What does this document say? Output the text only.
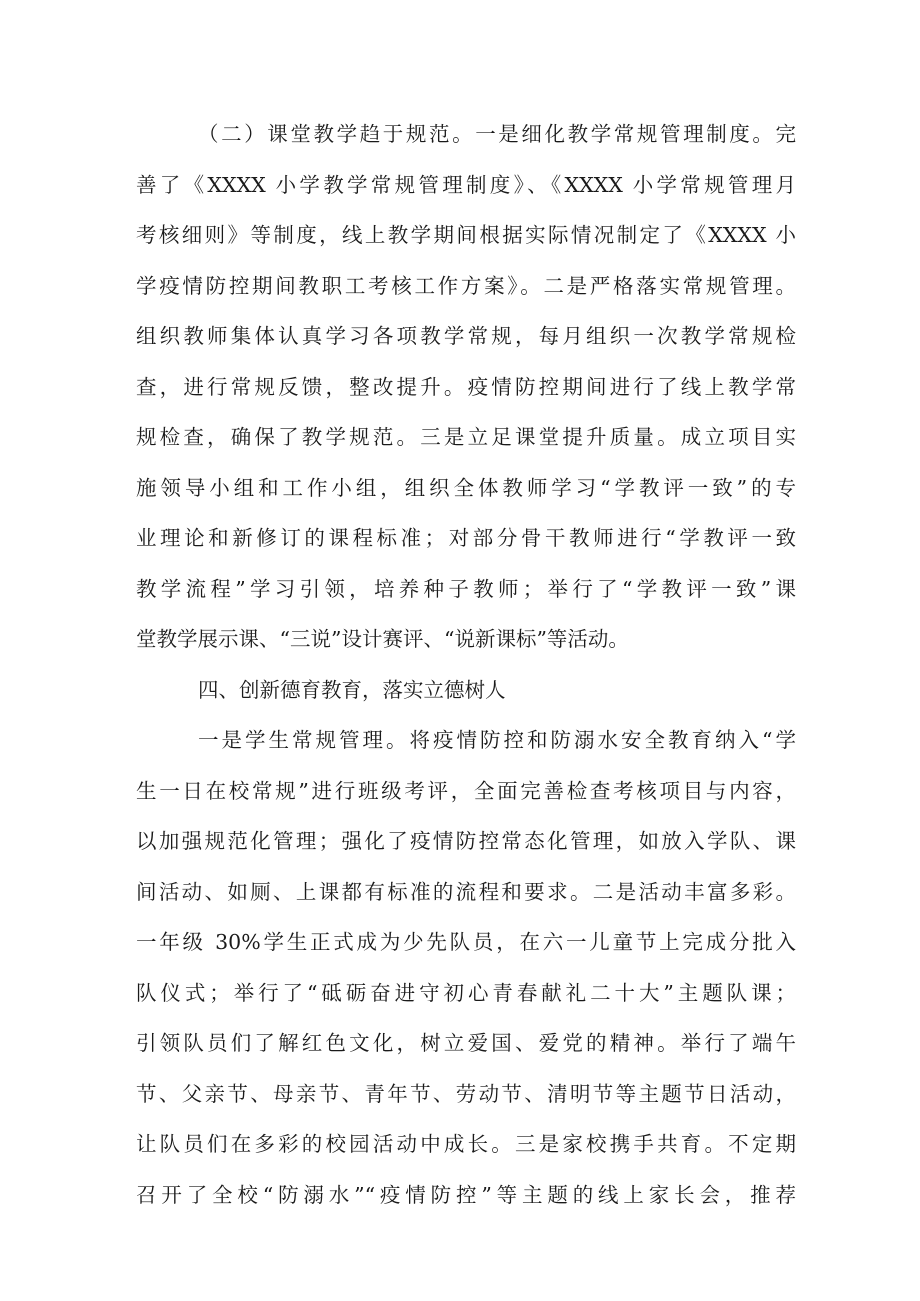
（二）课堂教学趋于规范。一是细化教学常规管理制度。完
善了《XXXX 小学教学常规管理制度》、《XXXX 小学常规管理月
考核细则》等制度，线上教学期间根据实际情况制定了《XXXX 小
学疫情防控期间教职工考核工作方案》。二是严格落实常规管理。
组织教师集体认真学习各项教学常规，每月组织一次教学常规检
查，进行常规反馈，整改提升。疫情防控期间进行了线上教学常
规检查，确保了教学规范。三是立足课堂提升质量。成立项目实
施领导小组和工作小组，组织全体教师学习“学教评一致”的专
业理论和新修订的课程标准；对部分骨干教师进行“学教评一致
教学流程”学习引领，培养种子教师；举行了“学教评一致”课
堂教学展示课、“三说”设计赛评、“说新课标”等活动。
四、创新德育教育，落实立德树人
一是学生常规管理。将疫情防控和防溺水安全教育纳入“学
生一日在校常规”进行班级考评，全面完善检查考核项目与内容，
以加强规范化管理；强化了疫情防控常态化管理，如放入学队、课
间活动、如厕、上课都有标准的流程和要求。二是活动丰富多彩。
一年级 30%学生正式成为少先队员，在六一儿童节上完成分批入
队仪式；举行了“砥砺奋进守初心青春献礼二十大”主题队课；
引领队员们了解红色文化，树立爱国、爱党的精神。举行了端午
节、父亲节、母亲节、青年节、劳动节、清明节等主题节日活动，
让队员们在多彩的校园活动中成长。三是家校携手共育。不定期
召开了全校“防溺水”“疫情防控”等主题的线上家长会，推荐
